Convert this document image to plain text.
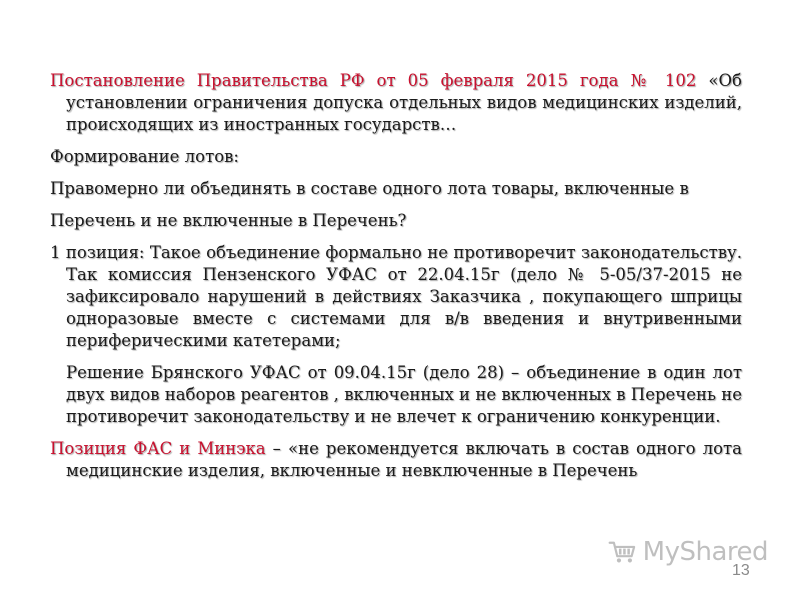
Постановление Правительства РФ от 05 февраля 2015 года № 102 «Об установлении ограничения допуска отдельных видов медицинских изделий, происходящих из иностранных государств…

Формирование лотов:

Правомерно ли объединять в составе одного лота товары, включенные в

Перечень и не включенные в Перечень?

1 позиция: Такое объединение формально не противоречит законодательству. Так комиссия Пензенского УФАС от 22.04.15г (дело № 5-05/37-2015 не зафиксировало нарушений в действиях Заказчика , покупающего шприцы одноразовые вместе с системами для в/в введения и внутривенными периферическими катетерами;

Решение Брянского УФАС от 09.04.15г (дело 28) – объединение в один лот двух видов наборов реагентов , включенных и не включенных в Перечень не противоречит законодательству и не влечет к ограничению конкуренции.

Позиция ФАС и Минэка – «не рекомендуется включать в состав одного лота медицинские изделия, включенные и невключенные в Перечень

MyShared
13
